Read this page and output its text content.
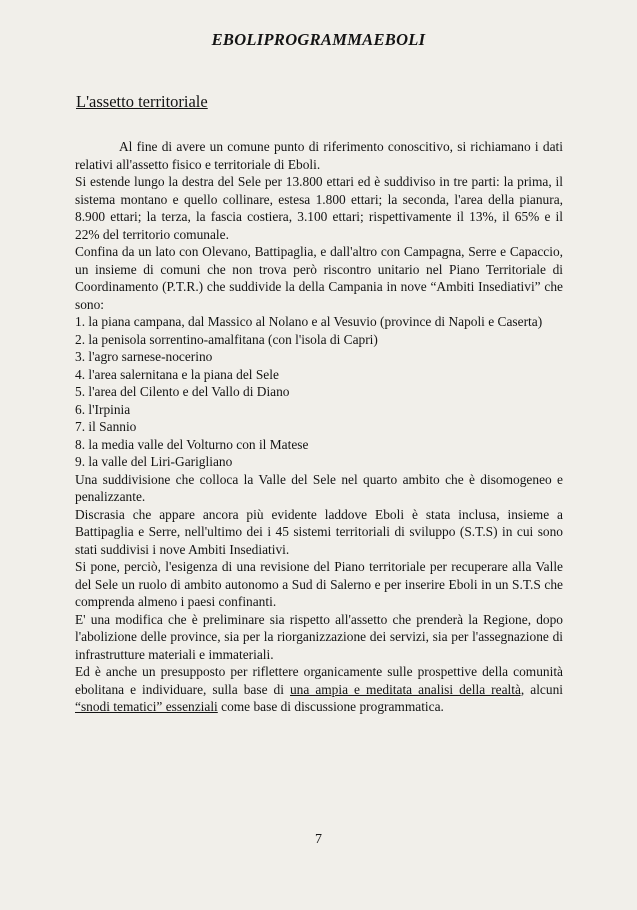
EBOLIPROGRAMMAEBOLI
L'assetto territoriale

Al fine di avere un comune punto di riferimento conoscitivo, si richiamano i dati relativi all'assetto fisico e territoriale di Eboli.

Si estende lungo la destra del Sele per 13.800 ettari ed è suddiviso in tre parti: la prima, il sistema montano e quello collinare, estesa 1.800 ettari; la seconda, l'area della pianura, 8.900 ettari; la terza, la fascia costiera, 3.100 ettari; rispettivamente il 13%, il 65% e il 22% del territorio comunale.

Confina da un lato con Olevano, Battipaglia, e dall'altro con Campagna, Serre e Capaccio, un insieme di comuni che non trova però riscontro unitario nel Piano Territoriale di Coordinamento (P.T.R.) che suddivide la della Campania in nove “Ambiti Insediativi” che sono:

1. la piana campana, dal Massico al Nolano e al Vesuvio (province di Napoli e Caserta)

2. la penisola sorrentino-amalfitana (con l'isola di Capri)

3. l'agro sarnese-nocerino

4. l'area salernitana e la piana del Sele

5. l'area del Cilento e del Vallo di Diano

6. l'Irpinia

7. il Sannio

8. la media valle del Volturno con il Matese

9. la valle del Liri-Garigliano

Una suddivisione che colloca la Valle del Sele nel quarto ambito che è disomogeneo e penalizzante.

Discrasia che appare ancora più evidente laddove Eboli è stata inclusa, insieme a Battipaglia e Serre, nell'ultimo dei i 45 sistemi territoriali di sviluppo (S.T.S) in cui sono stati suddivisi i nove Ambiti Insediativi.

Si pone, perciò, l'esigenza di una revisione del Piano territoriale per recuperare alla Valle del Sele un ruolo di ambito autonomo a Sud di Salerno e per inserire Eboli in un S.T.S che comprenda almeno i paesi confinanti.

E' una modifica che è preliminare sia rispetto all'assetto che prenderà la Regione, dopo l'abolizione delle province, sia per la riorganizzazione dei servizi, sia per l'assegnazione di infrastrutture materiali e immateriali.

Ed è anche un presupposto per riflettere organicamente sulle prospettive della comunità ebolitana e individuare, sulla base di una ampia e meditata analisi della realtà, alcuni “snodi tematici” essenziali come base di discussione programmatica.

7
